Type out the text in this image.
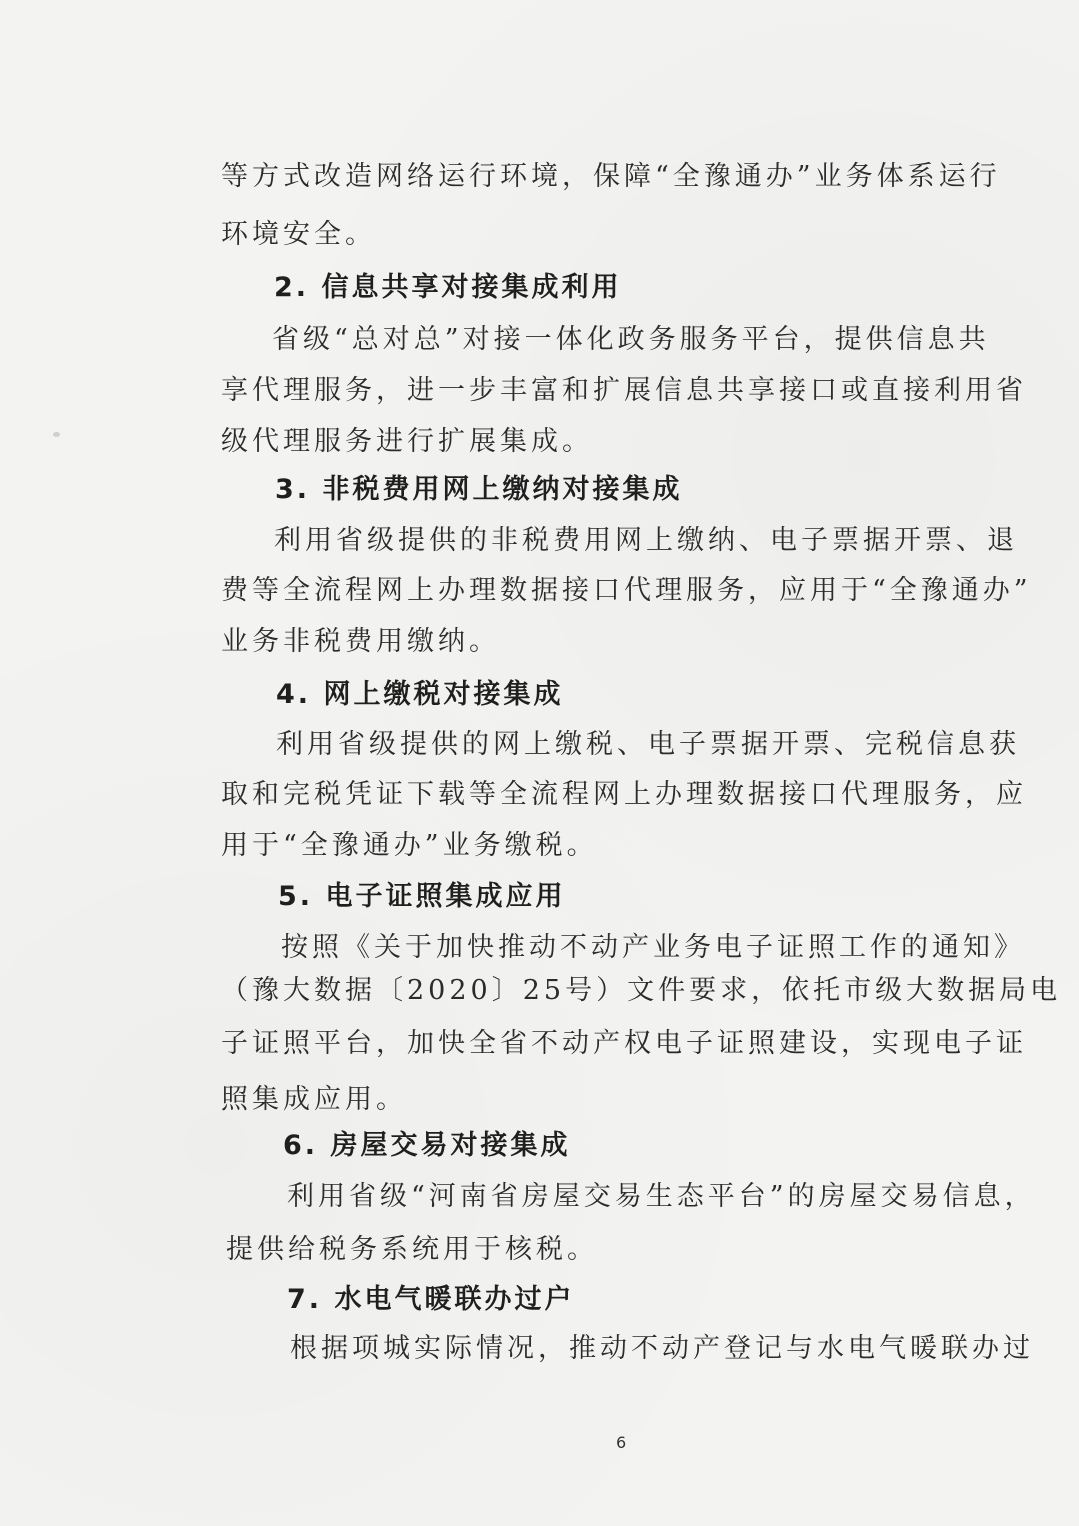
等方式改造网络运行环境，保障“全豫通办”业务体系运行
环境安全。
2. 信息共享对接集成利用
省级“总对总”对接一体化政务服务平台，提供信息共
享代理服务，进一步丰富和扩展信息共享接口或直接利用省
级代理服务进行扩展集成。
3. 非税费用网上缴纳对接集成
利用省级提供的非税费用网上缴纳、电子票据开票、退
费等全流程网上办理数据接口代理服务，应用于“全豫通办”
业务非税费用缴纳。
4. 网上缴税对接集成
利用省级提供的网上缴税、电子票据开票、完税信息获
取和完税凭证下载等全流程网上办理数据接口代理服务，应
用于“全豫通办”业务缴税。
5. 电子证照集成应用
按照《关于加快推动不动产业务电子证照工作的通知》
（豫大数据〔2020〕25号）文件要求，依托市级大数据局电
子证照平台，加快全省不动产权电子证照建设，实现电子证
照集成应用。
6. 房屋交易对接集成
利用省级“河南省房屋交易生态平台”的房屋交易信息，
提供给税务系统用于核税。
7. 水电气暖联办过户
根据项城实际情况，推动不动产登记与水电气暖联办过
6
